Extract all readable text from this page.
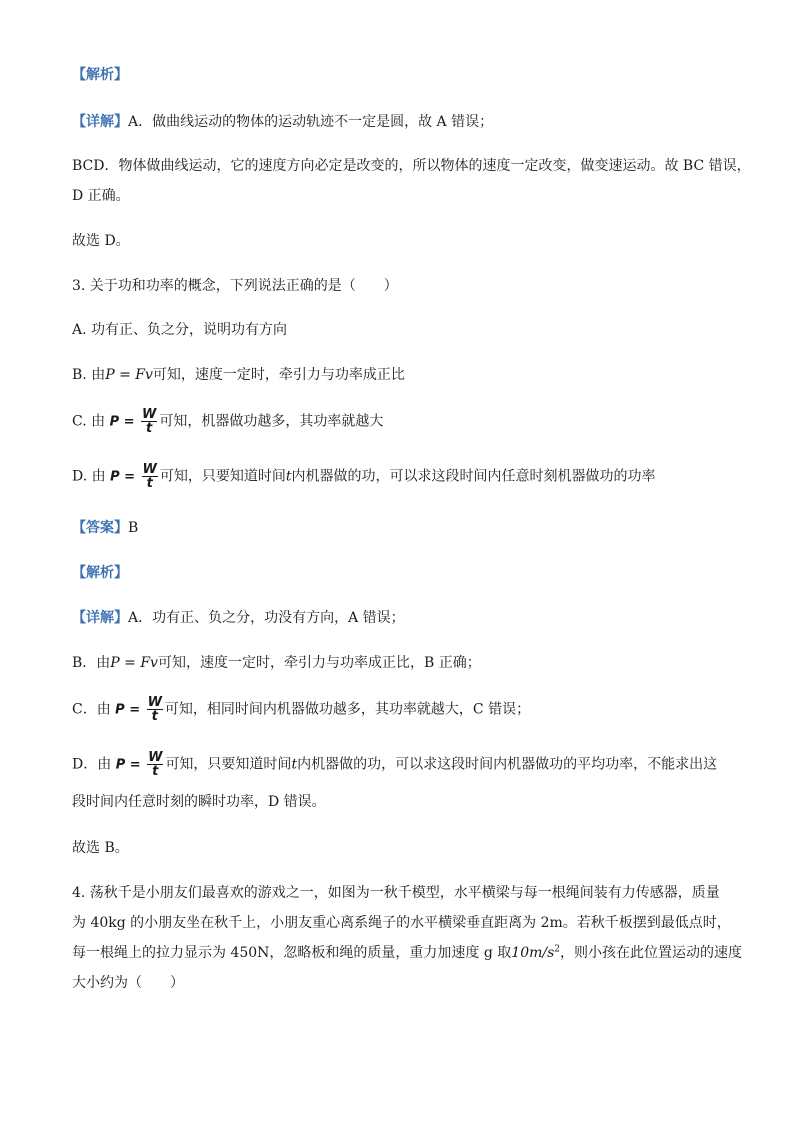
【解析】
【详解】A．做曲线运动的物体的运动轨迹不一定是圆，故 A 错误；
BCD．物体做曲线运动，它的速度方向必定是改变的，所以物体的速度一定改变，做变速运动。故 BC 错误，
D 正确。
故选 D。
3. 关于功和功率的概念，下列说法正确的是（　　）
A. 功有正、负之分，说明功有方向
B. 由P = Fv可知，速度一定时，牵引力与功率成正比
C. 由 $P = \frac{W}{t}$ 可知，机器做功越多，其功率就越大
D. 由 $P = \frac{W}{t}$ 可知，只要知道时间t内机器做的功，可以求这段时间内任意时刻机器做功的功率
【答案】B
【解析】
【详解】A．功有正、负之分，功没有方向，A 错误；
B．由P = Fv可知，速度一定时，牵引力与功率成正比，B 正确；
C．由 $P = \frac{W}{t}$ 可知，相同时间内机器做功越多，其功率就越大，C 错误；
D．由 $P = \frac{W}{t}$ 可知，只要知道时间t内机器做的功，可以求这段时间内机器做功的平均功率，不能求出这
段时间内任意时刻的瞬时功率，D 错误。
故选 B。
4. 荡秋千是小朋友们最喜欢的游戏之一，如图为一秋千模型，水平横梁与每一根绳间装有力传感器，质量
为 40kg 的小朋友坐在秋千上，小朋友重心离系绳子的水平横梁垂直距离为 2m。若秋千板摆到最低点时，
每一根绳上的拉力显示为 450N，忽略板和绳的质量，重力加速度 g 取$10m/s^2$，则小孩在此位置运动的速度
大小约为（　　）
